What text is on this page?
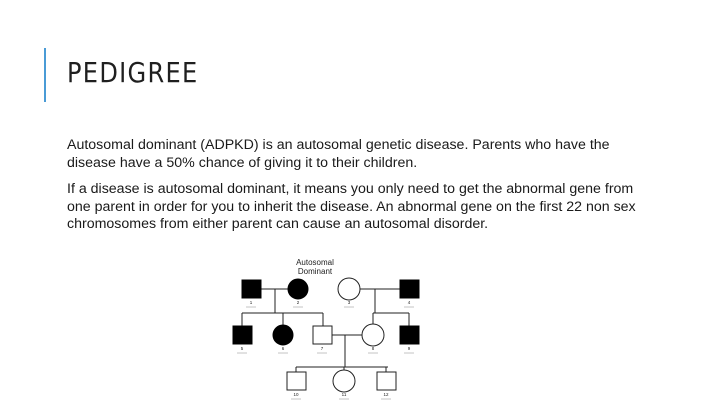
PEDIGREE

Autosomal dominant (ADPKD) is an autosomal genetic disease. Parents who have the disease have a 50% chance of giving it to their children.

If a disease is autosomal dominant, it means you only need to get the abnormal gene from one parent in order for you to inherit the disease. An abnormal gene on the first 22 non sex chromosomes from either parent can cause an autosomal disorder.

Autosomal
Dominant
1	2	3	4
5	6	7	8	9
10	11	12
